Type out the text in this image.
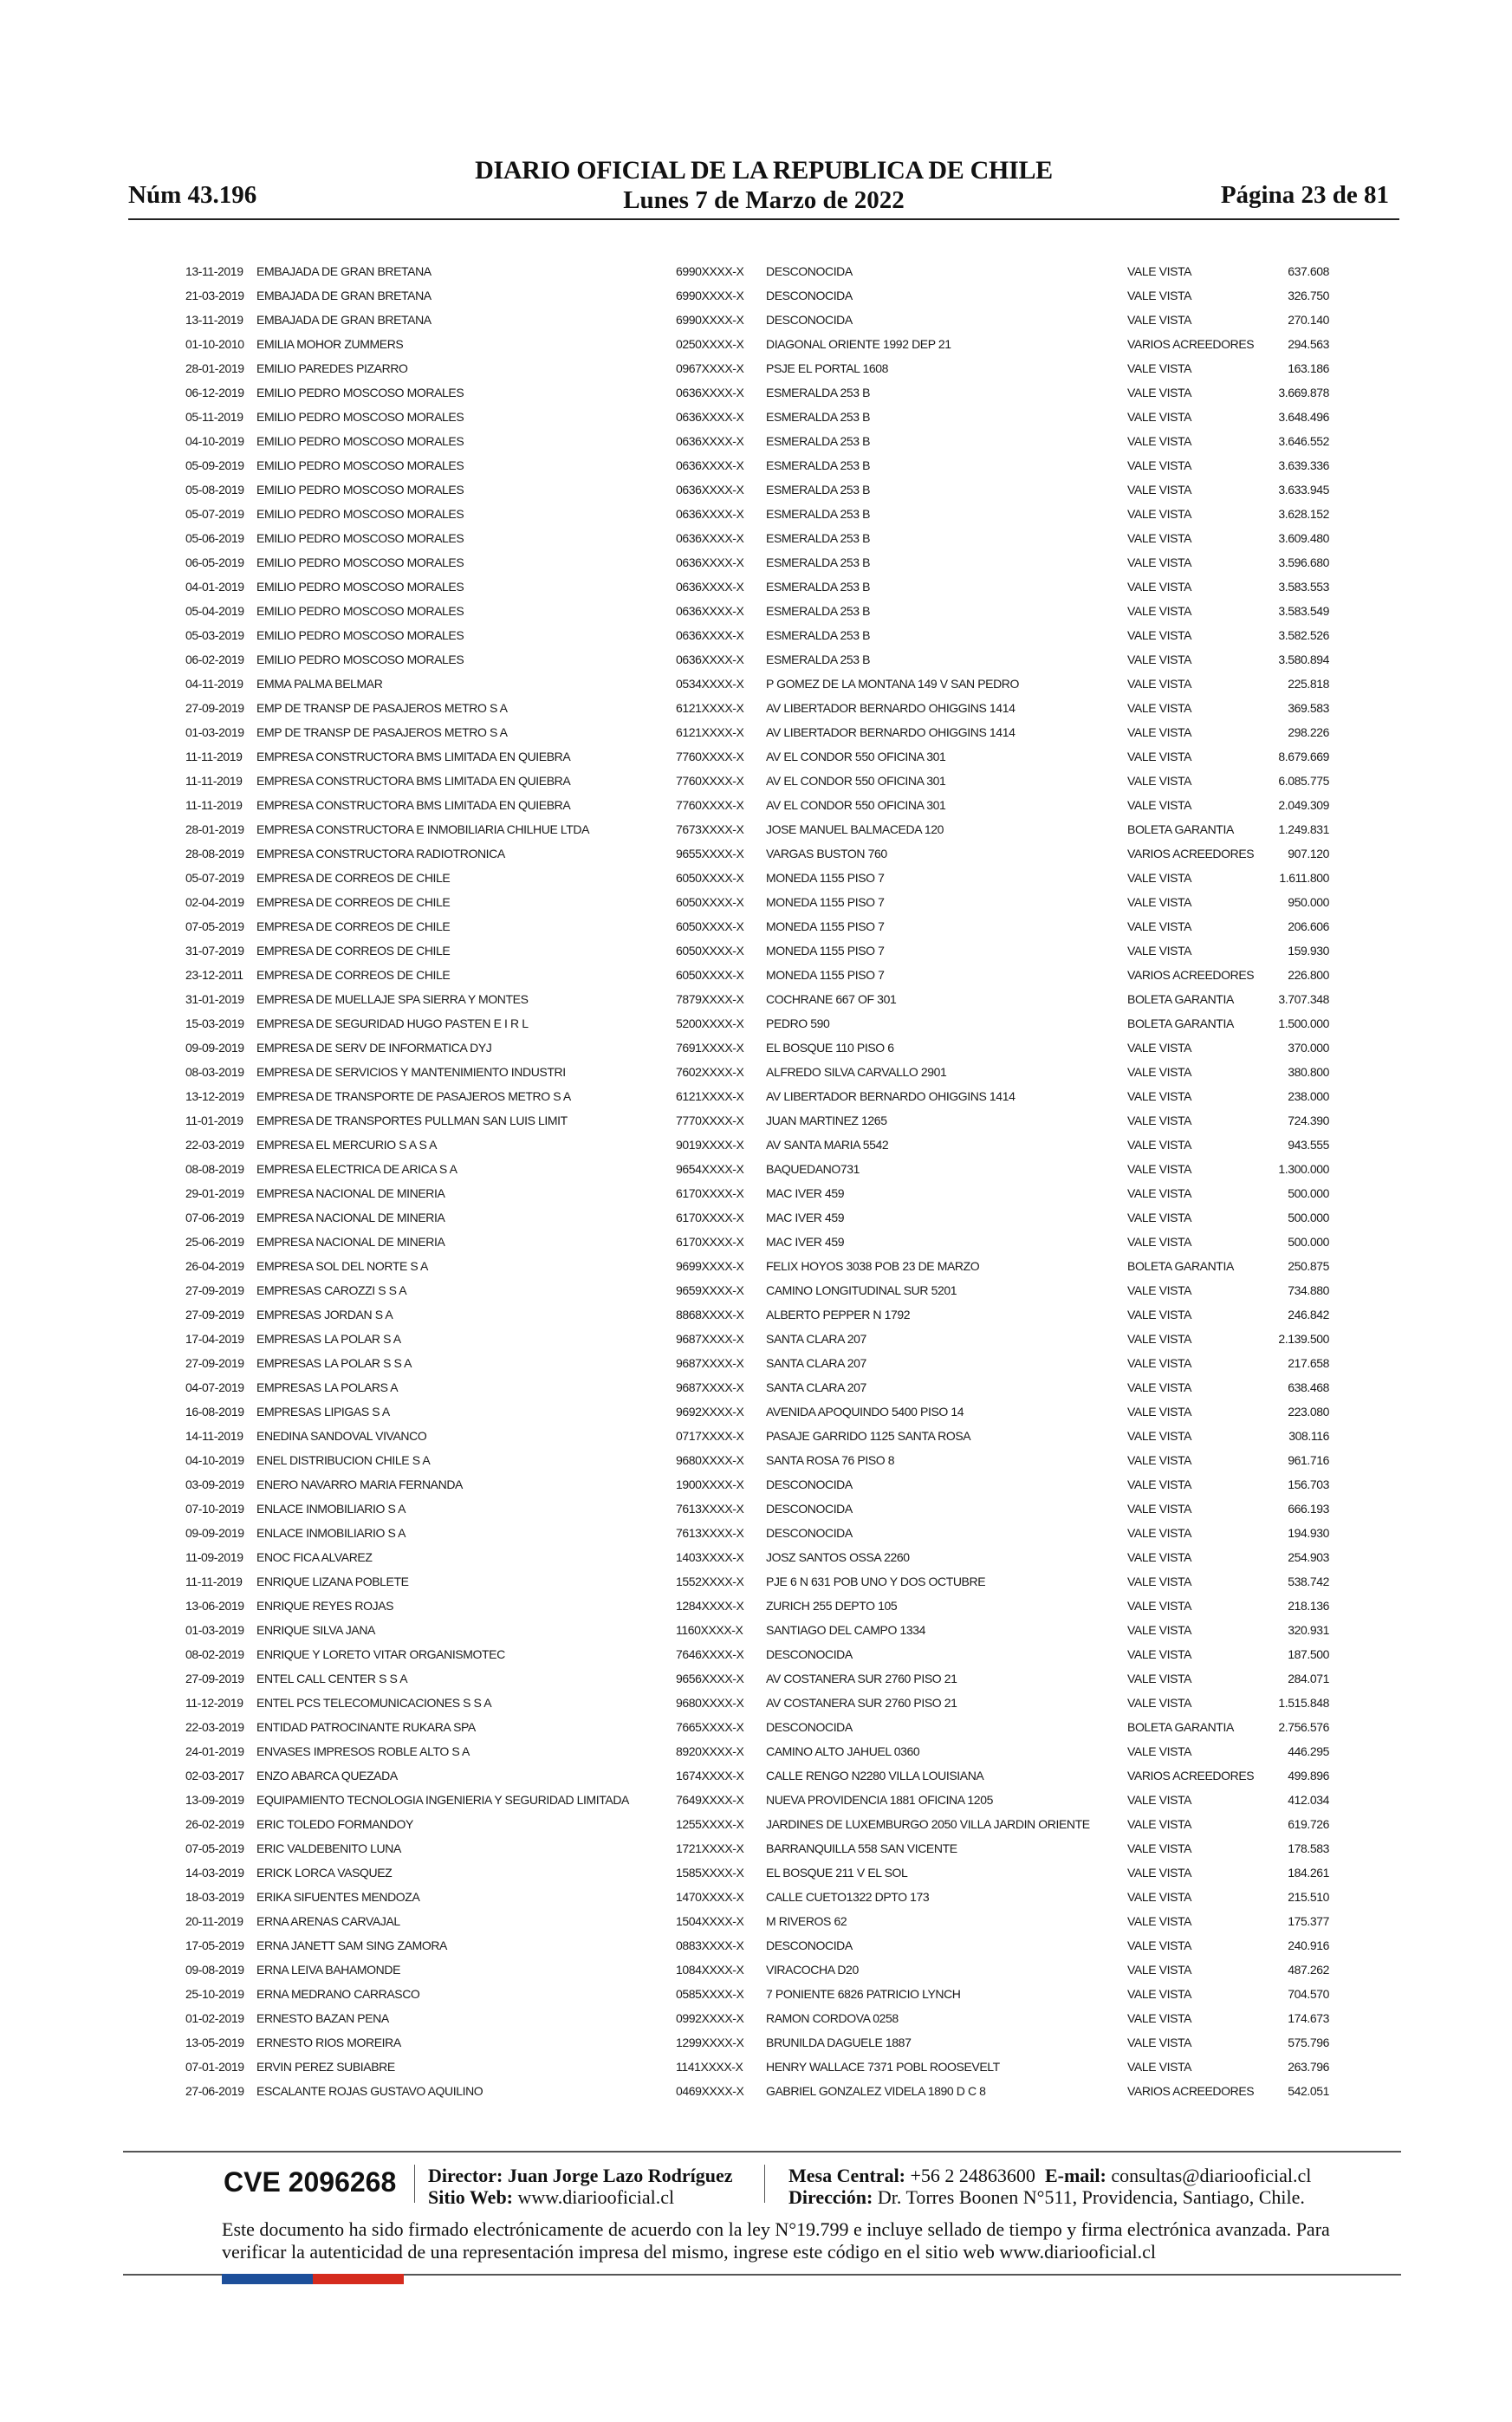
Núm 43.196
DIARIO OFICIAL DE LA REPUBLICA DE CHILE
Lunes 7 de Marzo de 2022	Página 23 de 81
13-11-2019	EMBAJADA DE GRAN BRETANA	6990XXXX-X	DESCONOCIDA	VALE VISTA	637.608
21-03-2019	EMBAJADA DE GRAN BRETANA	6990XXXX-X	DESCONOCIDA	VALE VISTA	326.750
13-11-2019	EMBAJADA DE GRAN BRETANA	6990XXXX-X	DESCONOCIDA	VALE VISTA	270.140
01-10-2010	EMILIA MOHOR ZUMMERS	0250XXXX-X	DIAGONAL ORIENTE 1992 DEP 21	VARIOS ACREEDORES	294.563
28-01-2019	EMILIO PAREDES PIZARRO	0967XXXX-X	PSJE EL PORTAL 1608	VALE VISTA	163.186
06-12-2019	EMILIO PEDRO MOSCOSO MORALES	0636XXXX-X	ESMERALDA 253 B	VALE VISTA	3.669.878
05-11-2019	EMILIO PEDRO MOSCOSO MORALES	0636XXXX-X	ESMERALDA 253 B	VALE VISTA	3.648.496
04-10-2019	EMILIO PEDRO MOSCOSO MORALES	0636XXXX-X	ESMERALDA 253 B	VALE VISTA	3.646.552
05-09-2019	EMILIO PEDRO MOSCOSO MORALES	0636XXXX-X	ESMERALDA 253 B	VALE VISTA	3.639.336
05-08-2019	EMILIO PEDRO MOSCOSO MORALES	0636XXXX-X	ESMERALDA 253 B	VALE VISTA	3.633.945
05-07-2019	EMILIO PEDRO MOSCOSO MORALES	0636XXXX-X	ESMERALDA 253 B	VALE VISTA	3.628.152
05-06-2019	EMILIO PEDRO MOSCOSO MORALES	0636XXXX-X	ESMERALDA 253 B	VALE VISTA	3.609.480
06-05-2019	EMILIO PEDRO MOSCOSO MORALES	0636XXXX-X	ESMERALDA 253 B	VALE VISTA	3.596.680
04-01-2019	EMILIO PEDRO MOSCOSO MORALES	0636XXXX-X	ESMERALDA 253 B	VALE VISTA	3.583.553
05-04-2019	EMILIO PEDRO MOSCOSO MORALES	0636XXXX-X	ESMERALDA 253 B	VALE VISTA	3.583.549
05-03-2019	EMILIO PEDRO MOSCOSO MORALES	0636XXXX-X	ESMERALDA 253 B	VALE VISTA	3.582.526
06-02-2019	EMILIO PEDRO MOSCOSO MORALES	0636XXXX-X	ESMERALDA 253 B	VALE VISTA	3.580.894
04-11-2019	EMMA PALMA BELMAR	0534XXXX-X	P GOMEZ DE LA MONTANA 149 V SAN PEDRO	VALE VISTA	225.818
27-09-2019	EMP DE TRANSP DE PASAJEROS METRO S A	6121XXXX-X	AV LIBERTADOR BERNARDO OHIGGINS 1414	VALE VISTA	369.583
01-03-2019	EMP DE TRANSP DE PASAJEROS METRO S A	6121XXXX-X	AV LIBERTADOR BERNARDO OHIGGINS 1414	VALE VISTA	298.226
11-11-2019	EMPRESA CONSTRUCTORA BMS LIMITADA EN QUIEBRA	7760XXXX-X	AV EL CONDOR 550 OFICINA 301	VALE VISTA	8.679.669
11-11-2019	EMPRESA CONSTRUCTORA BMS LIMITADA EN QUIEBRA	7760XXXX-X	AV EL CONDOR 550 OFICINA 301	VALE VISTA	6.085.775
11-11-2019	EMPRESA CONSTRUCTORA BMS LIMITADA EN QUIEBRA	7760XXXX-X	AV EL CONDOR 550 OFICINA 301	VALE VISTA	2.049.309
28-01-2019	EMPRESA CONSTRUCTORA E INMOBILIARIA CHILHUE LTDA	7673XXXX-X	JOSE MANUEL BALMACEDA 120	BOLETA GARANTIA	1.249.831
28-08-2019	EMPRESA CONSTRUCTORA RADIOTRONICA	9655XXXX-X	VARGAS BUSTON 760	VARIOS ACREEDORES	907.120
05-07-2019	EMPRESA DE CORREOS DE CHILE	6050XXXX-X	MONEDA 1155 PISO 7	VALE VISTA	1.611.800
02-04-2019	EMPRESA DE CORREOS DE CHILE	6050XXXX-X	MONEDA 1155 PISO 7	VALE VISTA	950.000
07-05-2019	EMPRESA DE CORREOS DE CHILE	6050XXXX-X	MONEDA 1155 PISO 7	VALE VISTA	206.606
31-07-2019	EMPRESA DE CORREOS DE CHILE	6050XXXX-X	MONEDA 1155 PISO 7	VALE VISTA	159.930
23-12-2011	EMPRESA DE CORREOS DE CHILE	6050XXXX-X	MONEDA 1155 PISO 7	VARIOS ACREEDORES	226.800
31-01-2019	EMPRESA DE MUELLAJE SPA SIERRA Y MONTES	7879XXXX-X	COCHRANE 667 OF 301	BOLETA GARANTIA	3.707.348
15-03-2019	EMPRESA DE SEGURIDAD HUGO PASTEN E I R L	5200XXXX-X	PEDRO 590	BOLETA GARANTIA	1.500.000
09-09-2019	EMPRESA DE SERV DE INFORMATICA DYJ	7691XXXX-X	EL BOSQUE 110 PISO 6	VALE VISTA	370.000
08-03-2019	EMPRESA DE SERVICIOS Y MANTENIMIENTO INDUSTRI	7602XXXX-X	ALFREDO SILVA CARVALLO 2901	VALE VISTA	380.800
13-12-2019	EMPRESA DE TRANSPORTE DE PASAJEROS METRO S A	6121XXXX-X	AV LIBERTADOR BERNARDO OHIGGINS 1414	VALE VISTA	238.000
11-01-2019	EMPRESA DE TRANSPORTES PULLMAN SAN LUIS LIMIT	7770XXXX-X	JUAN MARTINEZ 1265	VALE VISTA	724.390
22-03-2019	EMPRESA EL MERCURIO S A S A	9019XXXX-X	AV SANTA MARIA 5542	VALE VISTA	943.555
08-08-2019	EMPRESA ELECTRICA DE ARICA S A	9654XXXX-X	BAQUEDANO731	VALE VISTA	1.300.000
29-01-2019	EMPRESA NACIONAL DE MINERIA	6170XXXX-X	MAC IVER 459	VALE VISTA	500.000
07-06-2019	EMPRESA NACIONAL DE MINERIA	6170XXXX-X	MAC IVER 459	VALE VISTA	500.000
25-06-2019	EMPRESA NACIONAL DE MINERIA	6170XXXX-X	MAC IVER 459	VALE VISTA	500.000
26-04-2019	EMPRESA SOL DEL NORTE S A	9699XXXX-X	FELIX HOYOS 3038 POB 23 DE MARZO	BOLETA GARANTIA	250.875
27-09-2019	EMPRESAS CAROZZI S S A	9659XXXX-X	CAMINO LONGITUDINAL SUR 5201	VALE VISTA	734.880
27-09-2019	EMPRESAS JORDAN S A	8868XXXX-X	ALBERTO PEPPER N 1792	VALE VISTA	246.842
17-04-2019	EMPRESAS LA POLAR S A	9687XXXX-X	SANTA CLARA 207	VALE VISTA	2.139.500
27-09-2019	EMPRESAS LA POLAR S S A	9687XXXX-X	SANTA CLARA 207	VALE VISTA	217.658
04-07-2019	EMPRESAS LA POLARS A	9687XXXX-X	SANTA CLARA 207	VALE VISTA	638.468
16-08-2019	EMPRESAS LIPIGAS S A	9692XXXX-X	AVENIDA APOQUINDO 5400 PISO 14	VALE VISTA	223.080
14-11-2019	ENEDINA SANDOVAL VIVANCO	0717XXXX-X	PASAJE GARRIDO 1125 SANTA ROSA	VALE VISTA	308.116
04-10-2019	ENEL DISTRIBUCION CHILE S A	9680XXXX-X	SANTA ROSA 76 PISO 8	VALE VISTA	961.716
03-09-2019	ENERO NAVARRO MARIA FERNANDA	1900XXXX-X	DESCONOCIDA	VALE VISTA	156.703
07-10-2019	ENLACE INMOBILIARIO S A	7613XXXX-X	DESCONOCIDA	VALE VISTA	666.193
09-09-2019	ENLACE INMOBILIARIO S A	7613XXXX-X	DESCONOCIDA	VALE VISTA	194.930
11-09-2019	ENOC FICA ALVAREZ	1403XXXX-X	JOSZ SANTOS OSSA 2260	VALE VISTA	254.903
11-11-2019	ENRIQUE LIZANA POBLETE	1552XXXX-X	PJE 6 N 631 POB UNO Y DOS OCTUBRE	VALE VISTA	538.742
13-06-2019	ENRIQUE REYES ROJAS	1284XXXX-X	ZURICH 255 DEPTO 105	VALE VISTA	218.136
01-03-2019	ENRIQUE SILVA JANA	1160XXXX-X	SANTIAGO DEL CAMPO 1334	VALE VISTA	320.931
08-02-2019	ENRIQUE Y LORETO VITAR ORGANISMOTEC	7646XXXX-X	DESCONOCIDA	VALE VISTA	187.500
27-09-2019	ENTEL CALL CENTER S S A	9656XXXX-X	AV COSTANERA SUR 2760 PISO 21	VALE VISTA	284.071
11-12-2019	ENTEL PCS TELECOMUNICACIONES S S A	9680XXXX-X	AV COSTANERA SUR 2760 PISO 21	VALE VISTA	1.515.848
22-03-2019	ENTIDAD PATROCINANTE RUKARA SPA	7665XXXX-X	DESCONOCIDA	BOLETA GARANTIA	2.756.576
24-01-2019	ENVASES IMPRESOS ROBLE ALTO S A	8920XXXX-X	CAMINO ALTO JAHUEL 0360	VALE VISTA	446.295
02-03-2017	ENZO ABARCA QUEZADA	1674XXXX-X	CALLE RENGO N2280 VILLA LOUISIANA	VARIOS ACREEDORES	499.896
13-09-2019	EQUIPAMIENTO TECNOLOGIA INGENIERIA Y SEGURIDAD LIMITADA	7649XXXX-X	NUEVA PROVIDENCIA 1881 OFICINA 1205	VALE VISTA	412.034
26-02-2019	ERIC TOLEDO FORMANDOY	1255XXXX-X	JARDINES DE LUXEMBURGO 2050 VILLA JARDIN ORIENTE	VALE VISTA	619.726
07-05-2019	ERIC VALDEBENITO LUNA	1721XXXX-X	BARRANQUILLA 558 SAN VICENTE	VALE VISTA	178.583
14-03-2019	ERICK LORCA VASQUEZ	1585XXXX-X	EL BOSQUE 211 V EL SOL	VALE VISTA	184.261
18-03-2019	ERIKA SIFUENTES MENDOZA	1470XXXX-X	CALLE CUETO1322 DPTO 173	VALE VISTA	215.510
20-11-2019	ERNA ARENAS CARVAJAL	1504XXXX-X	M RIVEROS 62	VALE VISTA	175.377
17-05-2019	ERNA JANETT SAM SING ZAMORA	0883XXXX-X	DESCONOCIDA	VALE VISTA	240.916
09-08-2019	ERNA LEIVA BAHAMONDE	1084XXXX-X	VIRACOCHA D20	VALE VISTA	487.262
25-10-2019	ERNA MEDRANO CARRASCO	0585XXXX-X	7 PONIENTE 6826 PATRICIO LYNCH	VALE VISTA	704.570
01-02-2019	ERNESTO BAZAN PENA	0992XXXX-X	RAMON CORDOVA 0258	VALE VISTA	174.673
13-05-2019	ERNESTO RIOS MOREIRA	1299XXXX-X	BRUNILDA DAGUELE 1887	VALE VISTA	575.796
07-01-2019	ERVIN PEREZ SUBIABRE	1141XXXX-X	HENRY WALLACE 7371 POBL ROOSEVELT	VALE VISTA	263.796
27-06-2019	ESCALANTE ROJAS GUSTAVO AQUILINO	0469XXXX-X	GABRIEL GONZALEZ VIDELA 1890 D C 8	VARIOS ACREEDORES	542.051
CVE 2096268 Director: Juan Jorge Lazo Rodríguez
Sitio Web: www.diariooficial.cl
Mesa Central: +56 2 24863600 E-mail: consultas@diariooficial.cl
Dirección: Dr. Torres Boonen N°511, Providencia, Santiago, Chile.
Este documento ha sido firmado electrónicamente de acuerdo con la ley N°19.799 e incluye sellado de tiempo y firma electrónica avanzada. Para verificar la autenticidad de una representación impresa del mismo, ingrese este código en el sitio web www.diariooficial.cl
